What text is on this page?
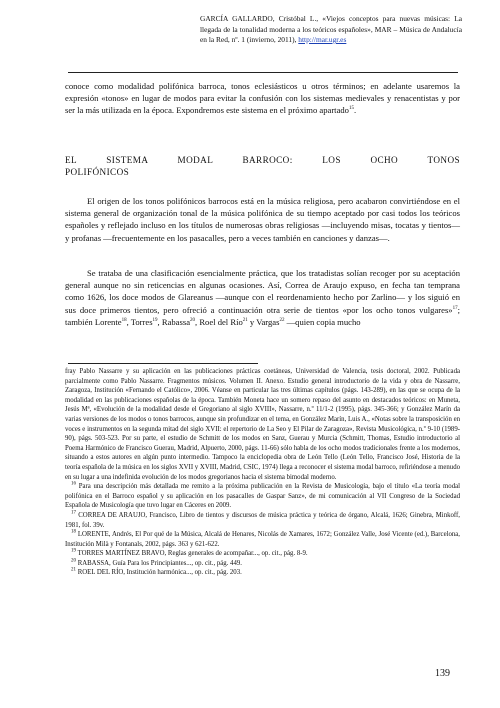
GARCÍA GALLARDO, Cristóbal L., «Viejos conceptos para nuevas músicas: La llegada de la tonalidad moderna a los teóricos españoles», MAR – Música de Andalucía en la Red, nº. 1 (invierno, 2011), http://mar.ugr.es
conoce como modalidad polifónica barroca, tonos eclesiásticos u otros términos; en adelante usaremos la expresión «tonos» en lugar de modos para evitar la confusión con los sistemas medievales y renacentistas y por ser la más utilizada en la época. Expondremos este sistema en el próximo apartado$^{15}$.
EL SISTEMA MODAL BARROCO: LOS OCHO TONOS
POLIFÓNICOS
El origen de los tonos polifónicos barrocos está en la música religiosa, pero acabaron convirtiéndose en el sistema general de organización tonal de la música polifónica de su tiempo aceptado por casi todos los teóricos españoles y reflejado incluso en los títulos de numerosas obras religiosas —incluyendo misas, tocatas y tientos— y profanas —frecuentemente en los pasacalles, pero a veces también en canciones y danzas—.
Se trataba de una clasificación esencialmente práctica, que los tratadistas solían recoger por su aceptación general aunque no sin reticencias en algunas ocasiones. Así, Correa de Araujo expuso, en fecha tan temprana como 1626, los doce modos de Glareanus —aunque con el reordenamiento hecho por Zarlino— y los siguió en sus doce primeros tientos, pero ofreció a continuación otra serie de tientos «por los ocho tonos vulgares»$^{17}$; también Lorente$^{18}$, Torres$^{19}$, Rabassa$^{20}$, Roel del Río$^{21}$ y Vargas$^{22}$ —quien copia mucho

fray Pablo Nassarre y su aplicación en las publicaciones prácticas coetáneas, Universidad de Valencia, tesis doctoral, 2002. Publicada parcialmente como Pablo Nassarre. Fragmentos músicos. Volumen II. Anexo. Estudio general introductorio de la vida y obra de Nassarre, Zaragoza, Institución «Fernando el Católico», 2006. Véanse en particular las tres últimas capítulos (págs. 143-289), en las que se ocupa de la modalidad en las publicaciones españolas de la época. También Moneta hace un somero repaso del asunto en destacados teóricos: en Muneta, Jesús Mª, «Evolución de la modalidad desde el Gregoriano al siglo XVIII», Nassarre, n.º 11/1-2 (1995), págs. 345-366; y González Marín da varias versiones de los modos o tonos barrocos, aunque sin profundizar en el tema, en González Marín, Luis A., «Notas sobre la transposición en voces e instrumentos en la segunda mitad del siglo XVII: el repertorio de La Seo y El Pilar de Zaragoza», Revista Musicológica, n.º 9-10 (1989-90), págs. 503-523. Por su parte, el estudio de Schmitt de los modos en Sanz, Guerau y Murcia (Schmitt, Thomas, Estudio introductorio al Poema Harmónico de Francisco Guerau, Madrid, Alpuerto, 2000, págs. 11-66) sólo habla de los ocho modos tradicionales frente a los modernos, situando a estos autores en algún punto intermedio. Tampoco la enciclopedia obra de León Tello (León Tello, Francisco José, Historia de la teoría española de la música en los siglos XVII y XVIII, Madrid, CSIC, 1974) llega a reconocer el sistema modal barroco, refiriéndose a menudo en su lugar a una indefinida evolución de los modos gregorianos hacia el sistema bimodal moderno.

$^{16}$ Para una descripción más detallada me remito a la próxima publicación en la Revista de Musicología, bajo el título «La teoría modal polifónica en el Barroco español y su aplicación en los pasacalles de Gaspar Sanz», de mi comunicación al VII Congreso de la Sociedad Española de Musicología que tuvo lugar en Cáceres en 2009.

$^{17}$ CORREA DE ARAUJO, Francisco, Libro de tientos y discursos de música práctica y teórica de órgano, Alcalá, 1626; Ginebra, Minkoff, 1981, fol. 39v.

$^{18}$ LORENTE, Andrés, El Por qué de la Música, Alcalá de Henares, Nicolás de Xamares, 1672; González Valle, José Vicente (ed.), Barcelona, Institución Milà y Fontanals, 2002, págs. 363 y 621-622.

$^{19}$ TORRES MARTÍNEZ BRAVO, Reglas generales de acompañar..., op. cit., pág. 8-9.

$^{20}$ RABASSA, Guía Para los Principiantes..., op. cit., pág. 449.

$^{21}$ ROEL DEL RÍO, Institución harmónica..., op. cit., pág. 203.

139
